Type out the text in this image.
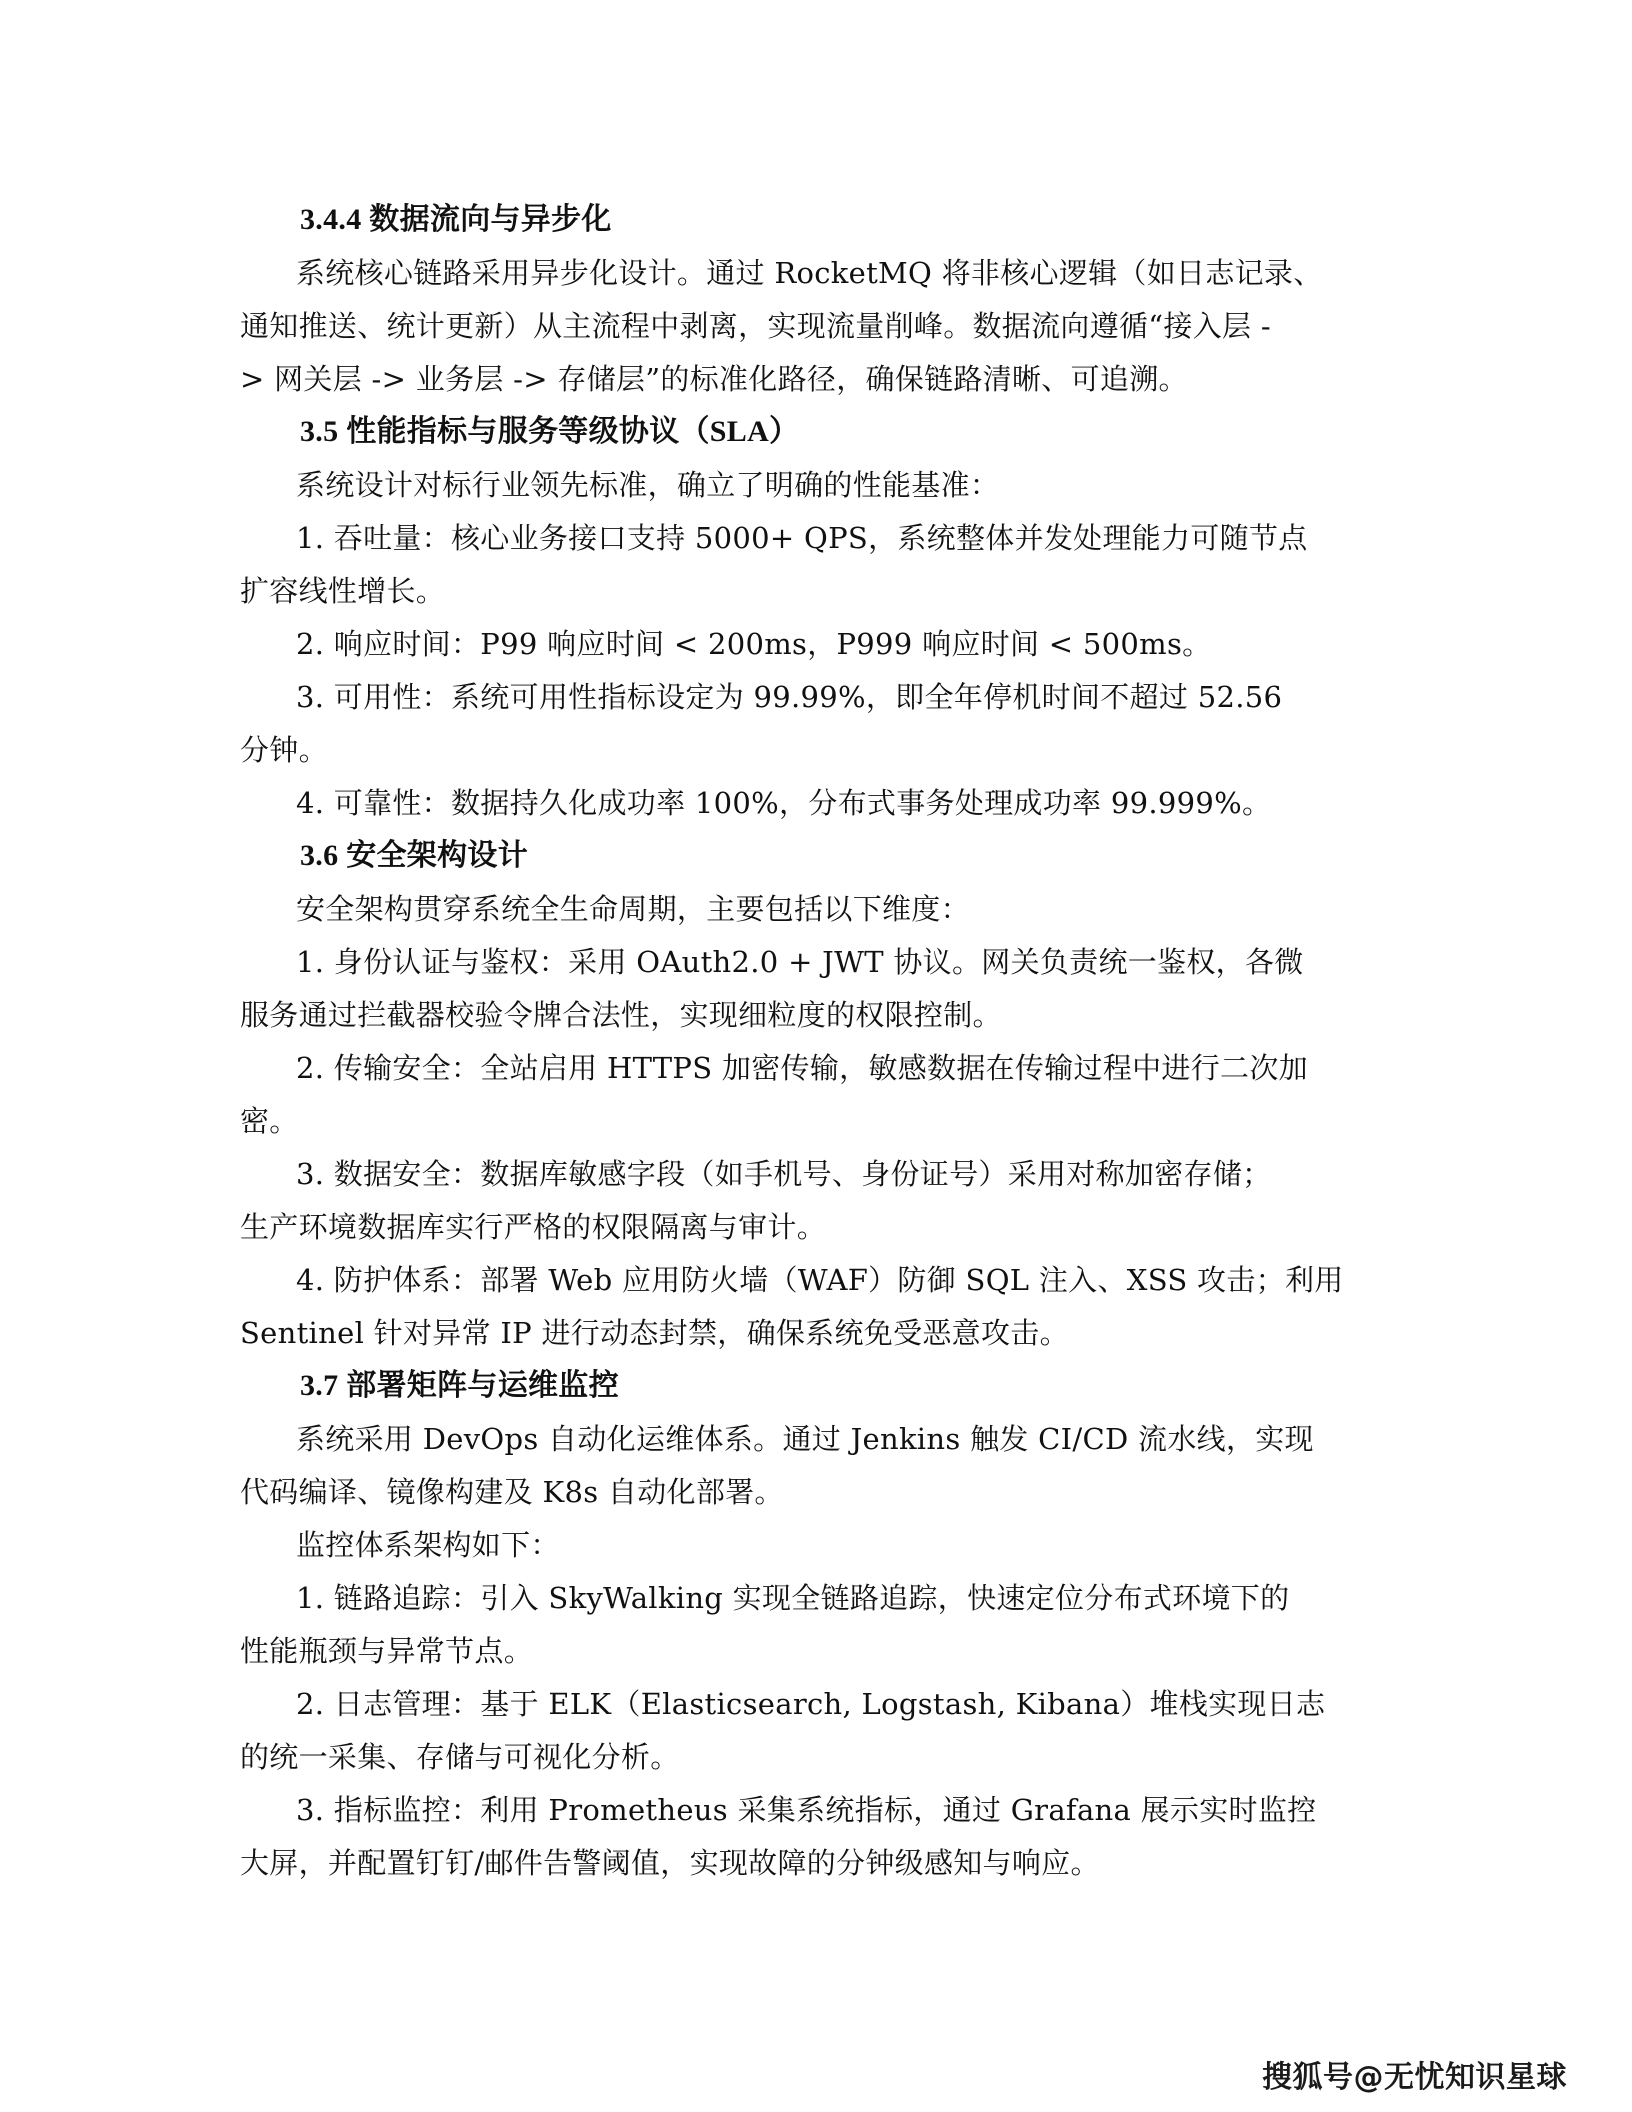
3.4.4 数据流向与异步化
系统核心链路采用异步化设计。通过 RocketMQ 将非核心逻辑（如日志记录、
通知推送、统计更新）从主流程中剥离，实现流量削峰。数据流向遵循“接入层 -
> 网关层 -> 业务层 -> 存储层”的标准化路径，确保链路清晰、可追溯。
3.5 性能指标与服务等级协议（SLA）
系统设计对标行业领先标准，确立了明确的性能基准：
1. 吞吐量：核心业务接口支持 5000+ QPS，系统整体并发处理能力可随节点
扩容线性增长。
2. 响应时间：P99 响应时间 < 200ms，P999 响应时间 < 500ms。
3. 可用性：系统可用性指标设定为 99.99%，即全年停机时间不超过 52.56
分钟。
4. 可靠性：数据持久化成功率 100%，分布式事务处理成功率 99.999%。
3.6 安全架构设计
安全架构贯穿系统全生命周期，主要包括以下维度：
1. 身份认证与鉴权：采用 OAuth2.0 + JWT 协议。网关负责统一鉴权，各微
服务通过拦截器校验令牌合法性，实现细粒度的权限控制。
2. 传输安全：全站启用 HTTPS 加密传输，敏感数据在传输过程中进行二次加
密。
3. 数据安全：数据库敏感字段（如手机号、身份证号）采用对称加密存储；
生产环境数据库实行严格的权限隔离与审计。
4. 防护体系：部署 Web 应用防火墙（WAF）防御 SQL 注入、XSS 攻击；利用
Sentinel 针对异常 IP 进行动态封禁，确保系统免受恶意攻击。
3.7 部署矩阵与运维监控
系统采用 DevOps 自动化运维体系。通过 Jenkins 触发 CI/CD 流水线，实现
代码编译、镜像构建及 K8s 自动化部署。
监控体系架构如下：
1. 链路追踪：引入 SkyWalking 实现全链路追踪，快速定位分布式环境下的
性能瓶颈与异常节点。
2. 日志管理：基于 ELK（Elasticsearch, Logstash, Kibana）堆栈实现日志
的统一采集、存储与可视化分析。
3. 指标监控：利用 Prometheus 采集系统指标，通过 Grafana 展示实时监控
大屏，并配置钉钉/邮件告警阈值，实现故障的分钟级感知与响应。
搜狐号@无忧知识星球
